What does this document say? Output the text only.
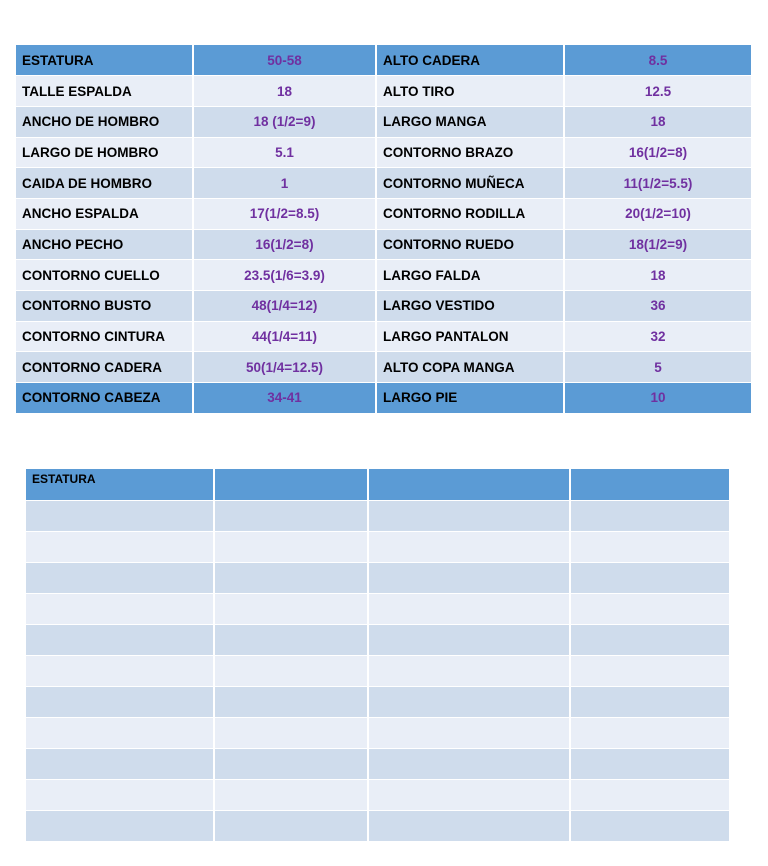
ESTATURA	50-58	ALTO CADERA	8.5
TALLE ESPALDA	18	ALTO TIRO	12.5
ANCHO DE HOMBRO	18 (1/2=9)	LARGO MANGA	18
LARGO DE HOMBRO	5.1	CONTORNO BRAZO	16(1/2=8)
CAIDA DE HOMBRO	1	CONTORNO MUÑECA	11(1/2=5.5)
ANCHO ESPALDA	17(1/2=8.5)	CONTORNO RODILLA	20(1/2=10)
ANCHO PECHO	16(1/2=8)	CONTORNO RUEDO	18(1/2=9)
CONTORNO CUELLO	23.5(1/6=3.9)	LARGO FALDA	18
CONTORNO BUSTO	48(1/4=12)	LARGO VESTIDO	36
CONTORNO CINTURA	44(1/4=11)	LARGO PANTALON	32
CONTORNO CADERA	50(1/4=12.5)	ALTO COPA MANGA	5
CONTORNO CABEZA	34-41	LARGO PIE	10
ESTATURA			
